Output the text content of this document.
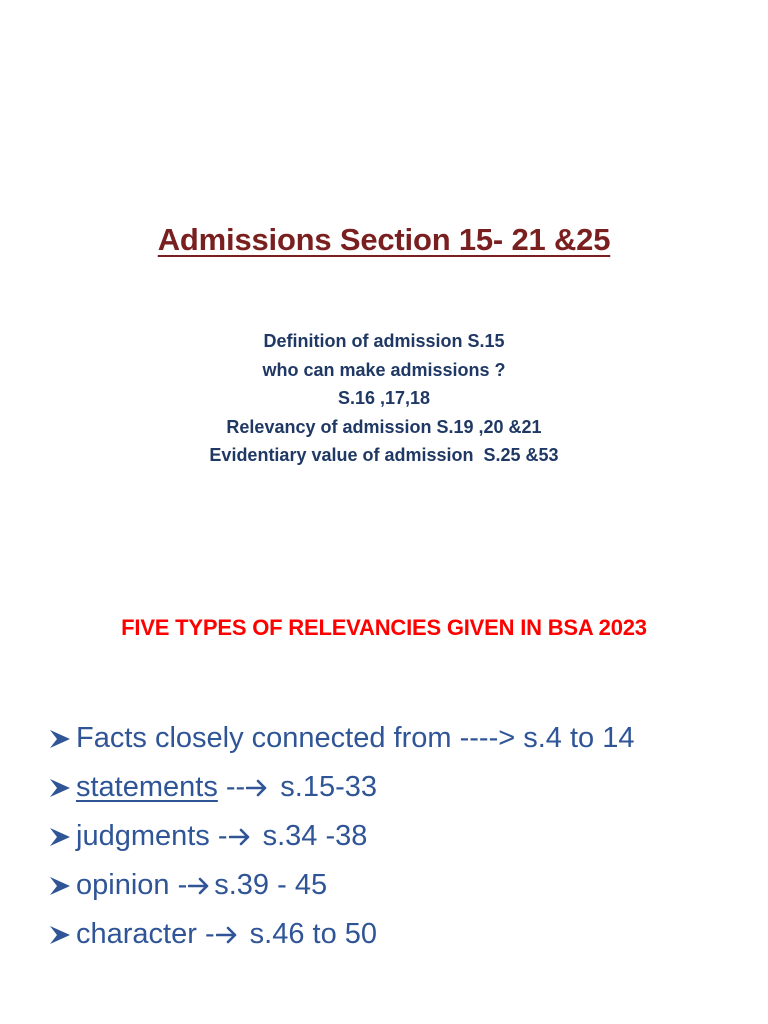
Admissions Section 15- 21 &25
Definition of admission S.15
who can make admissions ?
S.16 ,17,18
Relevancy of admission S.19 ,20 &21
Evidentiary value of admission  S.25 &53
FIVE TYPES OF RELEVANCIES GIVEN IN BSA 2023
Facts closely connected from ----> s.4 to 14
statements -- s.15-33
judgments - s.34 -38
opinion - s.39 - 45
character - s.46 to 50
